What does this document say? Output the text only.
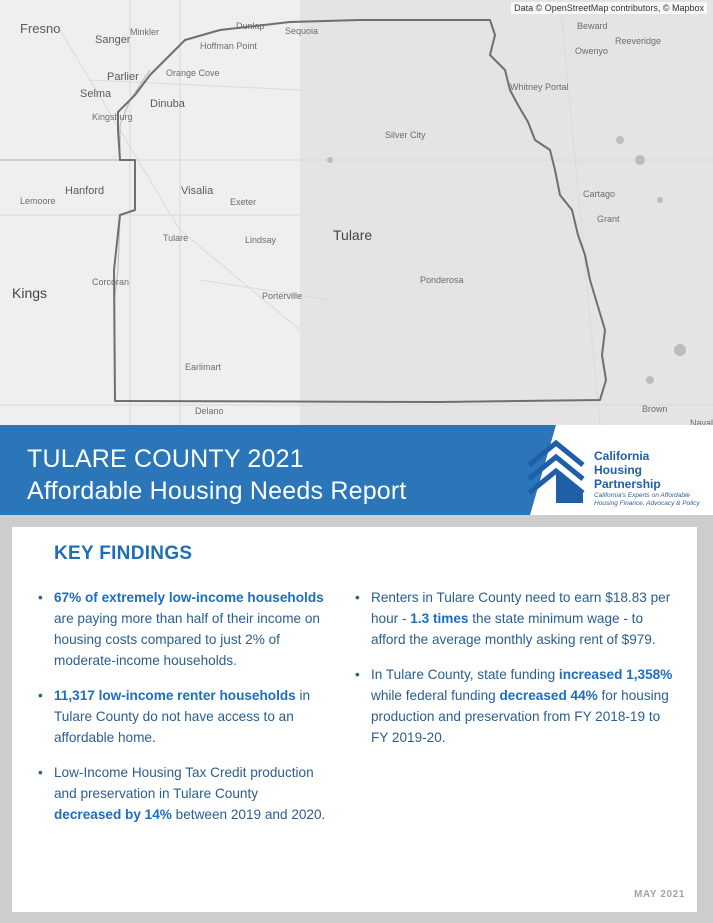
Fresno
Sanger
Minkler
Dunlap
Hoffman Point
Sequoia
Orange Cove
Parlier
Selma
Dinuba
Kingsburg
Hanford
Lemoore
Visalia
Exeter
Tulare	Lindsay	Tulare
Kings
Corcoran
Porterville
Earlimart
Delano
Silver City
Whitney Portal
Ponderosa
Cartago
Grant
Beward
Owenyo
Reeveridge
Brown
Naval
Data © OpenStreetMap contributors, © Mapbox
TULARE COUNTY 2021
Affordable Housing Needs Report
California
Housing
Partnership
California's Experts on Affordable
Housing Finance, Advocacy & Policy
KEY FINDINGS
• 67% of extremely low-income households are paying more than half of their income on housing costs compared to just 2% of moderate-income households.
• 11,317 low-income renter households in Tulare County do not have access to an affordable home.
• Low-Income Housing Tax Credit production and preservation in Tulare County decreased by 14% between 2019 and 2020.
• Renters in Tulare County need to earn $18.83 per hour - 1.3 times the state minimum wage - to afford the average monthly asking rent of $979.
• In Tulare County, state funding increased 1,358% while federal funding decreased 44% for housing production and preservation from FY 2018-19 to FY 2019-20.
MAY 2021
